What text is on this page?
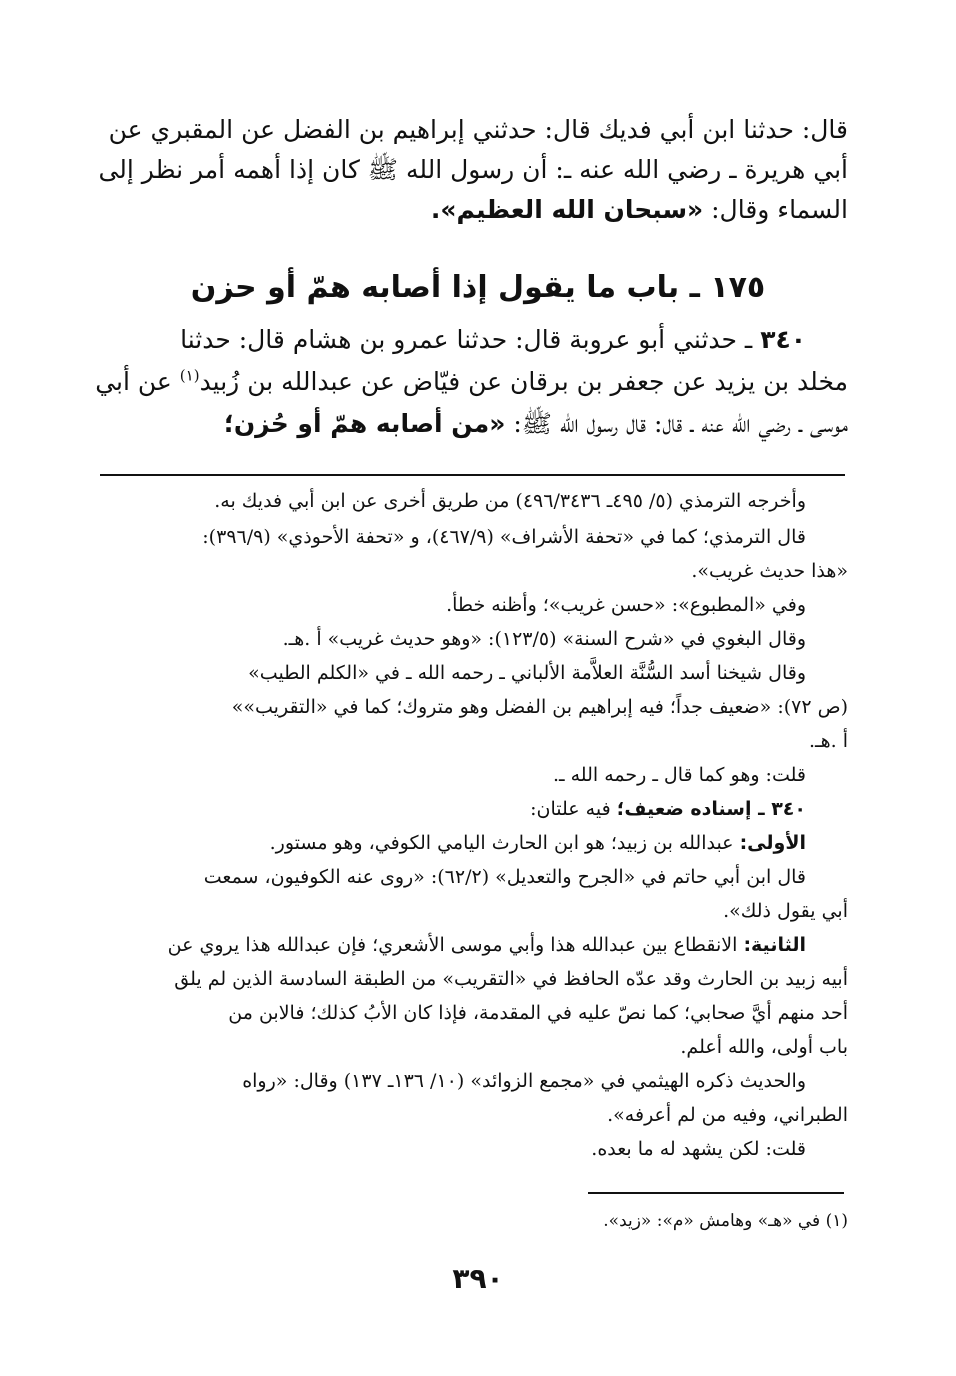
قال: حدثنا ابن أبي فديك قال: حدثني إبراهيم بن الفضل عن المقبري عن
أبي هريرة ـ رضي الله عنه ـ: أن رسول الله ﷺ كان إذا أهمه أمر نظر إلى
السماء وقال: «سبحان الله العظيم».
١٧٥ ـ باب ما يقول إذا أصابه همّ أو حزن
٣٤٠ ـ حدثني أبو عروبة قال: حدثنا عمرو بن هشام قال: حدثنا
مخلد بن يزيد عن جعفر بن برقان عن فيّاض عن عبدالله بن زُبيد$^{(١)}$ عن أبي
موسى ـ رضي الله عنه ـ قال: قال رسول الله ﷺ: «من أصابه همّ أو حُزن؛
وأخرجه الترمذي (٥/ ٤٩٥ـ ٤٩٦/٣٤٣٦) من طريق أخرى عن ابن أبي فديك به.
قال الترمذي؛ كما في «تحفة الأشراف» (٤٦٧/٩)، و «تحفة الأحوذي» (٣٩٦/٩):
«هذا حديث غريب».
وفي «المطبوع»: «حسن غريب»؛ وأظنه خطأ.
وقال البغوي في «شرح السنة» (١٢٣/٥): «وهو حديث غريب» أ .هـ.
وقال شيخنا أسد السُّنَّة العلاَّمة الألباني ـ رحمه الله ـ في «الكلم الطيب»
(ص ٧٢): «ضعيف جداً؛ فيه إبراهيم بن الفضل وهو متروك؛ كما في «التقريب»»
أ .هـ.
قلت: وهو كما قال ـ رحمه الله ـ.
٣٤٠ ـ إسناده ضعيف؛ فيه علتان:
الأولى: عبدالله بن زبيد؛ هو ابن الحارث اليامي الكوفي، وهو مستور.
قال ابن أبي حاتم في «الجرح والتعديل» (٦٢/٢): «روى عنه الكوفيون، سمعت
أبي يقول ذلك».
الثانية: الانقطاع بين عبدالله هذا وأبي موسى الأشعري؛ فإن عبدالله هذا يروي عن
أبيه زبيد بن الحارث وقد عدّه الحافظ في «التقريب» من الطبقة السادسة الذين لم يلق
أحد منهم أيَّ صحابي؛ كما نصّ عليه في المقدمة، فإذا كان الأبُ كذلك؛ فالابن من
باب أولى، والله أعلم.
والحديث ذكره الهيثمي في «مجمع الزوائد» (١٠/ ١٣٦ـ ١٣٧) وقال: «رواه
الطبراني، وفيه من لم أعرفه».
قلت: لكن يشهد له ما بعده.
(١) في «هـ» وهامش «م»: «زيد».
٣٩٠
